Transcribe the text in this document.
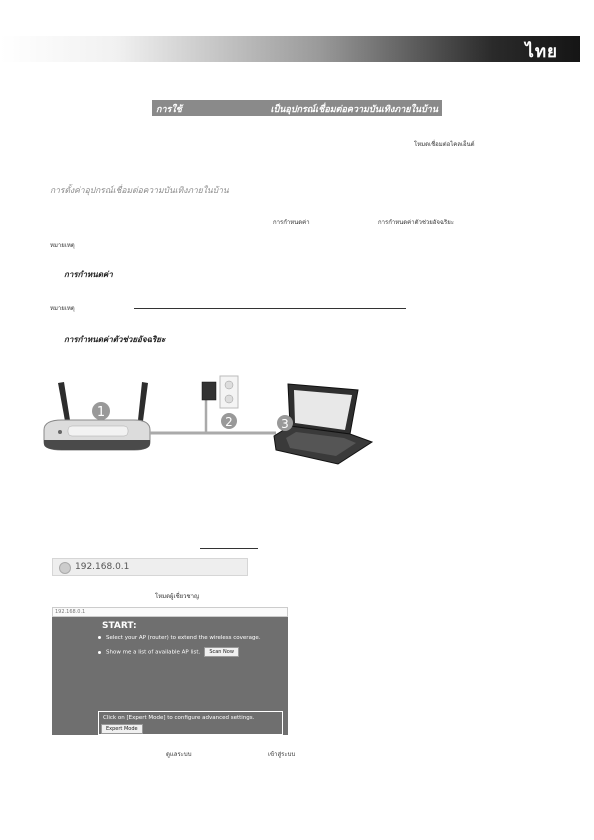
ไทย
การใช้	เป็นอุปกรณ์เชื่อมต่อความบันเทิงภายในบ้าน
โหมดเชื่อมต่อไคลเอ็นต์
การตั้งค่าอุปกรณ์เชื่อมต่อความบันเทิงภายในบ้าน
การกำหนดค่า	การกำหนดค่าตัวช่วยอัจฉริยะ
หมายเหตุ
การกำหนดค่า
หมายเหตุ
การกำหนดค่าตัวช่วยอัจฉริยะ
1
2	3
192.168.0.1
โหมดผู้เชี่ยวชาญ
192.168.0.1
START:
Select your AP (router) to extend the wireless coverage.
Show me a list of available AP list. Scan Now
Click on [Expert Mode] to configure advanced settings.
Expert Mode
ดูแลระบบ	เข้าสู่ระบบ
